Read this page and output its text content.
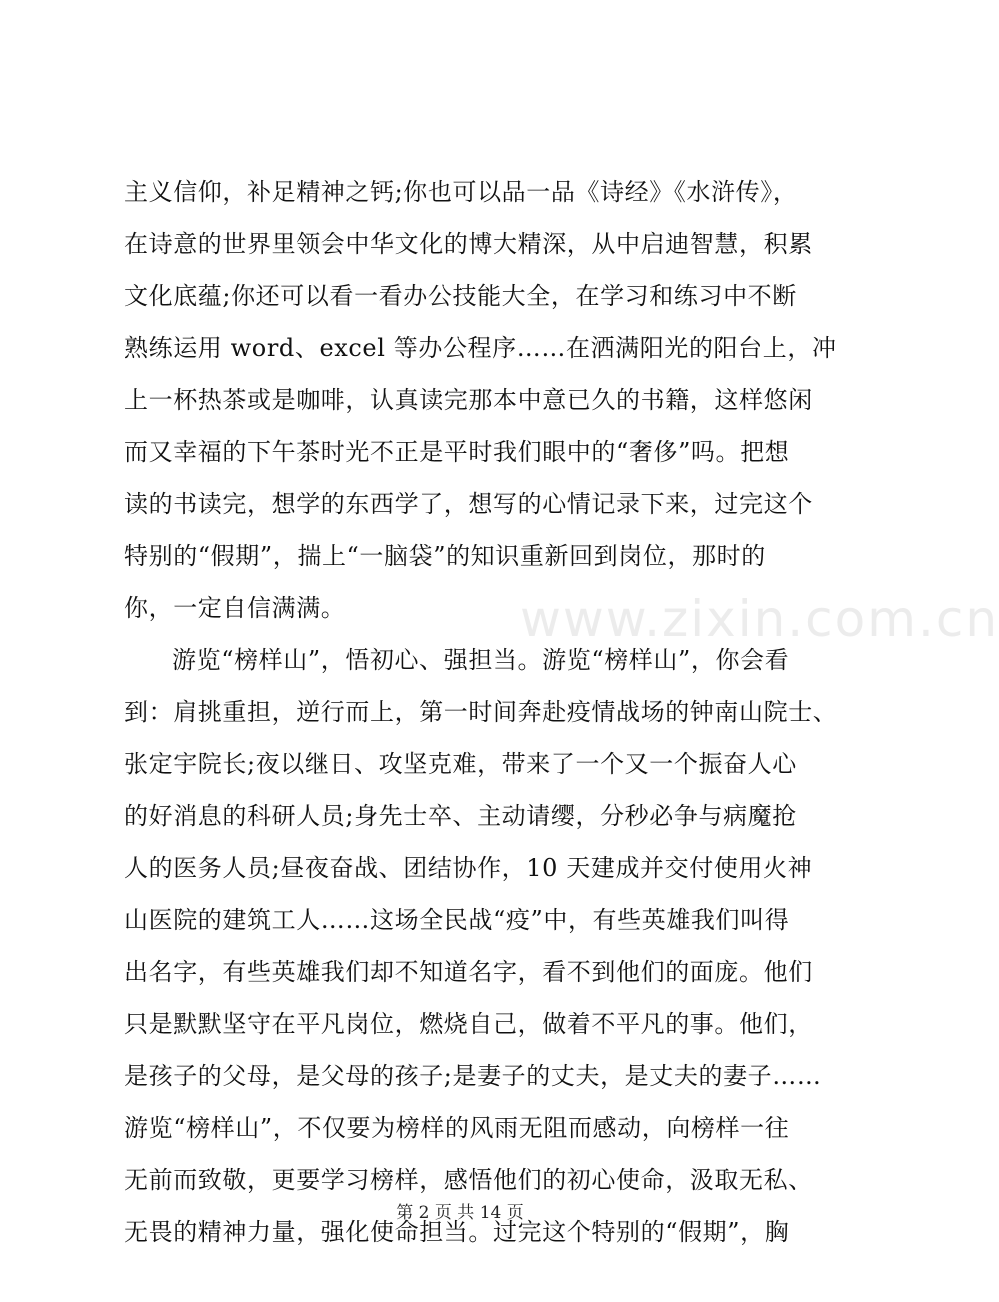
www.zixin.com.cn
主义信仰，补足精神之钙;你也可以品一品《诗经》《水浒传》，
在诗意的世界里领会中华文化的博大精深，从中启迪智慧，积累
文化底蕴;你还可以看一看办公技能大全，在学习和练习中不断
熟练运用 word、excel 等办公程序……在洒满阳光的阳台上，冲
上一杯热茶或是咖啡，认真读完那本中意已久的书籍，这样悠闲
而又幸福的下午茶时光不正是平时我们眼中的“奢侈”吗。把想
读的书读完，想学的东西学了，想写的心情记录下来，过完这个
特别的“假期”，揣上“一脑袋”的知识重新回到岗位，那时的
你，一定自信满满。
游览“榜样山”，悟初心、强担当。游览“榜样山”，你会看
到：肩挑重担，逆行而上，第一时间奔赴疫情战场的钟南山院士、
张定宇院长;夜以继日、攻坚克难，带来了一个又一个振奋人心
的好消息的科研人员;身先士卒、主动请缨，分秒必争与病魔抢
人的医务人员;昼夜奋战、团结协作，10 天建成并交付使用火神
山医院的建筑工人……这场全民战“疫”中，有些英雄我们叫得
出名字，有些英雄我们却不知道名字，看不到他们的面庞。他们
只是默默坚守在平凡岗位，燃烧自己，做着不平凡的事。他们，
是孩子的父母，是父母的孩子;是妻子的丈夫，是丈夫的妻子……
游览“榜样山”，不仅要为榜样的风雨无阻而感动，向榜样一往
无前而致敬，更要学习榜样，感悟他们的初心使命，汲取无私、
无畏的精神力量，强化使命担当。过完这个特别的“假期”，胸
第 2 页 共 14 页
